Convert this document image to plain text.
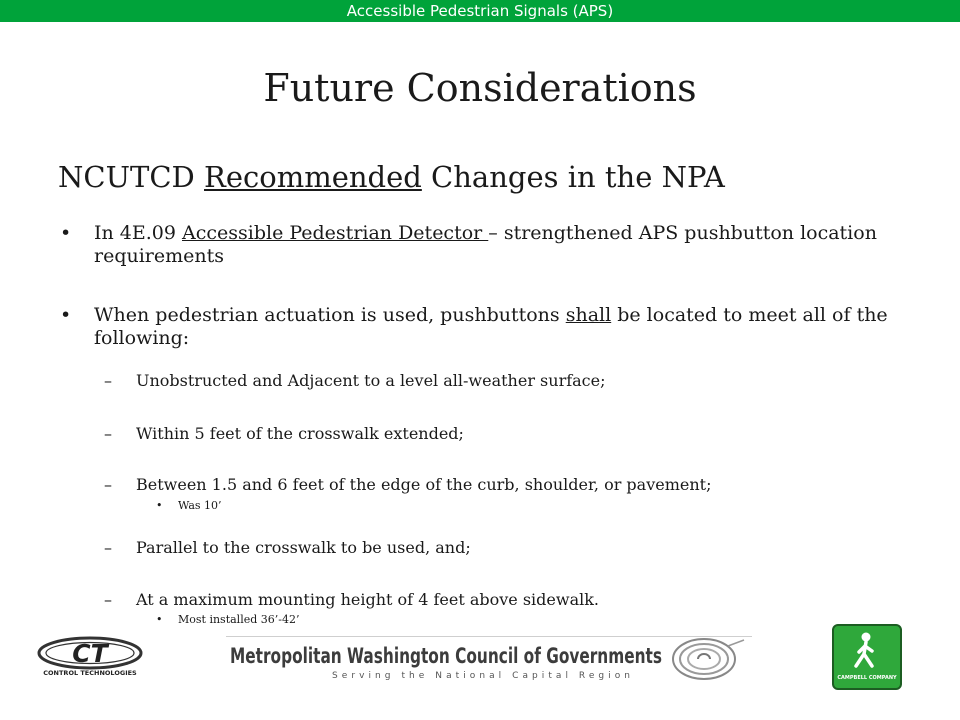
Accessible Pedestrian Signals (APS)
Future Considerations
NCUTCD Recommended Changes in the NPA
• In 4E.09 Accessible Pedestrian Detector – strengthened APS pushbutton location requirements
• When pedestrian actuation is used, pushbuttons shall be located to meet all of the  following:
– Unobstructed and Adjacent to a level all-weather surface;
– Within 5 feet of the crosswalk extended;
– Between 1.5 and 6 feet of the edge of the curb, shoulder, or pavement;
• Was 10’
– Parallel to the crosswalk to be used, and;
– At a maximum mounting height of 4 feet above sidewalk.
• Most installed 36’-42’
CT
CONTROL TECHNOLOGIES
Metropolitan Washington Council of Governments
Serving the National Capital Region	CAMPBELL COMPANY
